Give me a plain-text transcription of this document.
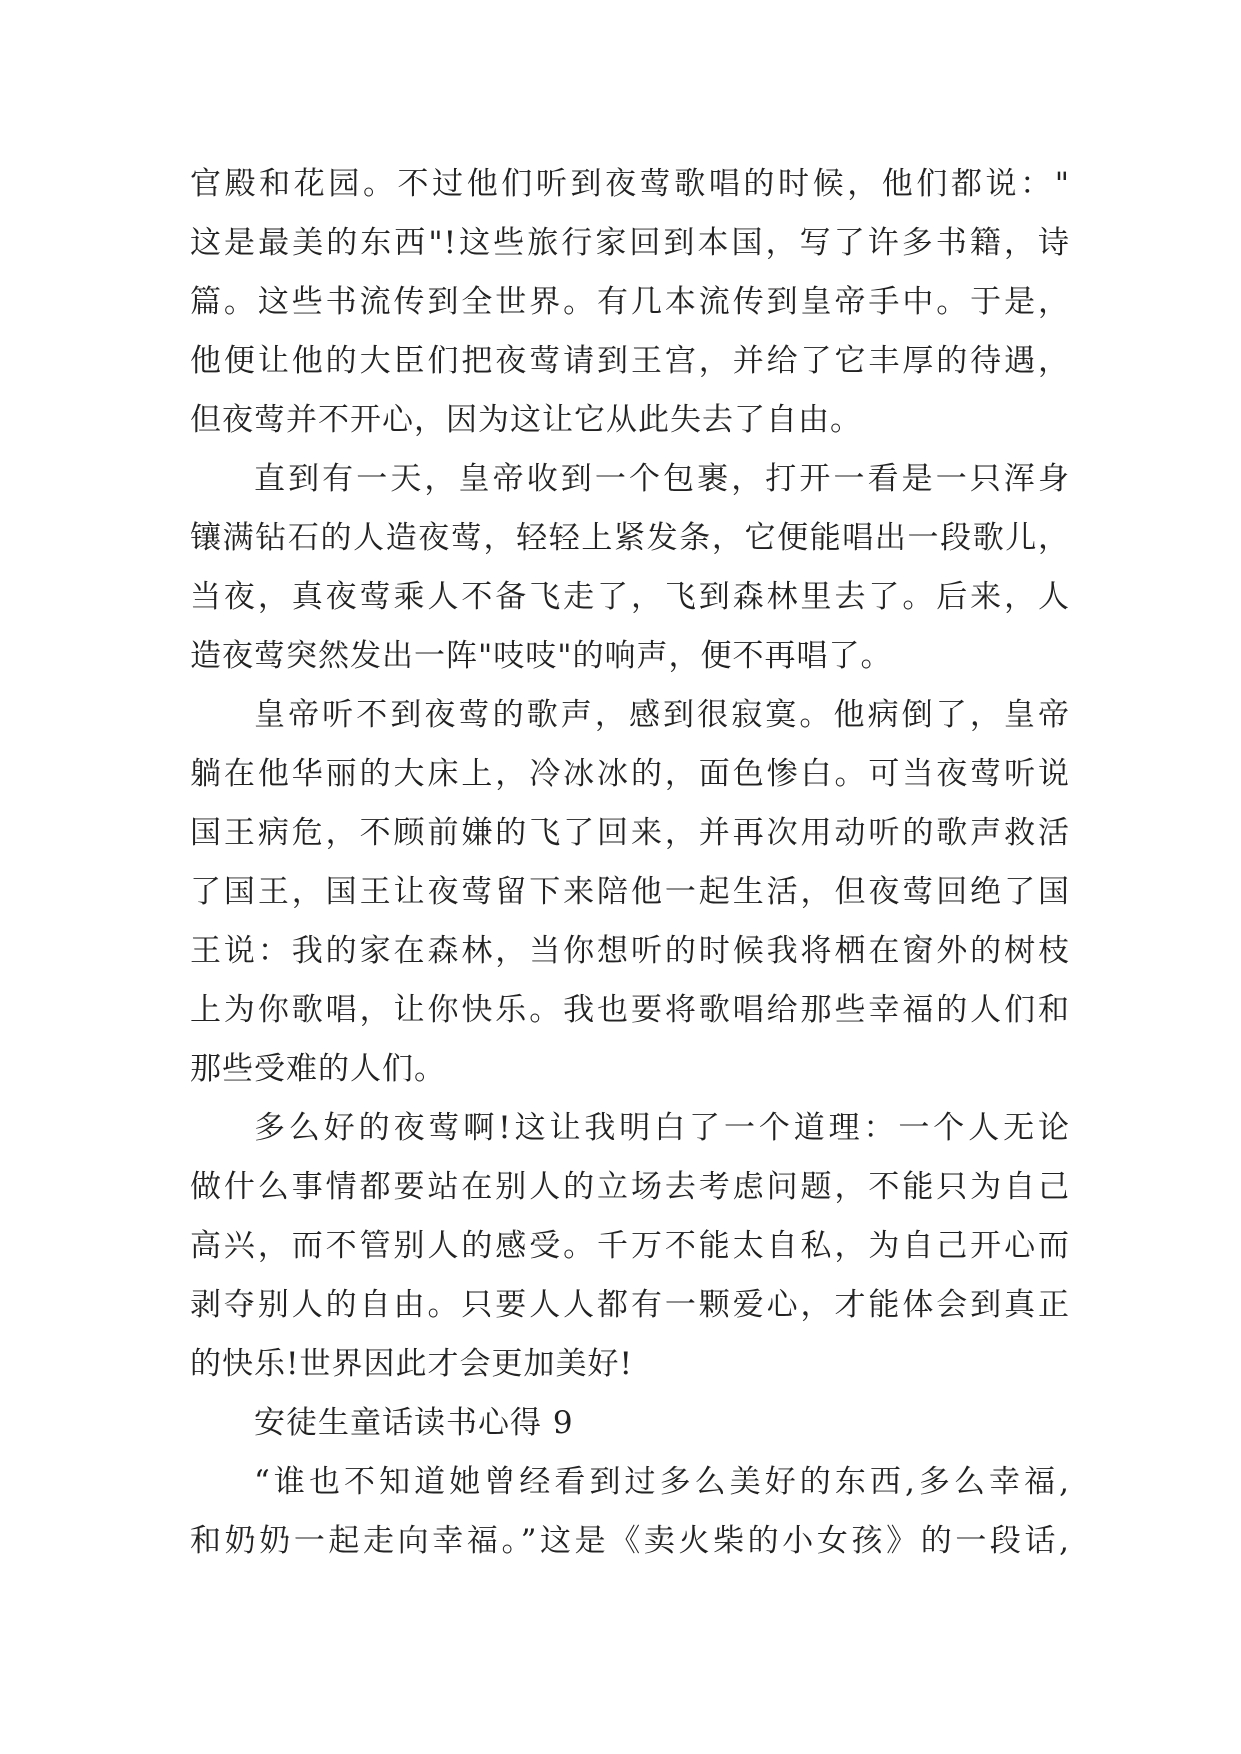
官殿和花园。不过他们听到夜莺歌唱的时候，他们都说："
这是最美的东西"!这些旅行家回到本国，写了许多书籍，诗
篇。这些书流传到全世界。有几本流传到皇帝手中。于是，
他便让他的大臣们把夜莺请到王宫，并给了它丰厚的待遇，
但夜莺并不开心，因为这让它从此失去了自由。
直到有一天，皇帝收到一个包裹，打开一看是一只浑身
镶满钻石的人造夜莺，轻轻上紧发条，它便能唱出一段歌儿，
当夜，真夜莺乘人不备飞走了，飞到森林里去了。后来，人
造夜莺突然发出一阵"吱吱"的响声，便不再唱了。
皇帝听不到夜莺的歌声，感到很寂寞。他病倒了，皇帝
躺在他华丽的大床上，冷冰冰的，面色惨白。可当夜莺听说
国王病危，不顾前嫌的飞了回来，并再次用动听的歌声救活
了国王，国王让夜莺留下来陪他一起生活，但夜莺回绝了国
王说：我的家在森林，当你想听的时候我将栖在窗外的树枝
上为你歌唱，让你快乐。我也要将歌唱给那些幸福的人们和
那些受难的人们。
多么好的夜莺啊!这让我明白了一个道理：一个人无论
做什么事情都要站在别人的立场去考虑问题，不能只为自己
高兴，而不管别人的感受。千万不能太自私，为自己开心而
剥夺别人的自由。只要人人都有一颗爱心，才能体会到真正
的快乐!世界因此才会更加美好!
安徒生童话读书心得 9
“谁也不知道她曾经看到过多么美好的东西,多么幸福,
和奶奶一起走向幸福。”这是《卖火柴的小女孩》的一段话,
